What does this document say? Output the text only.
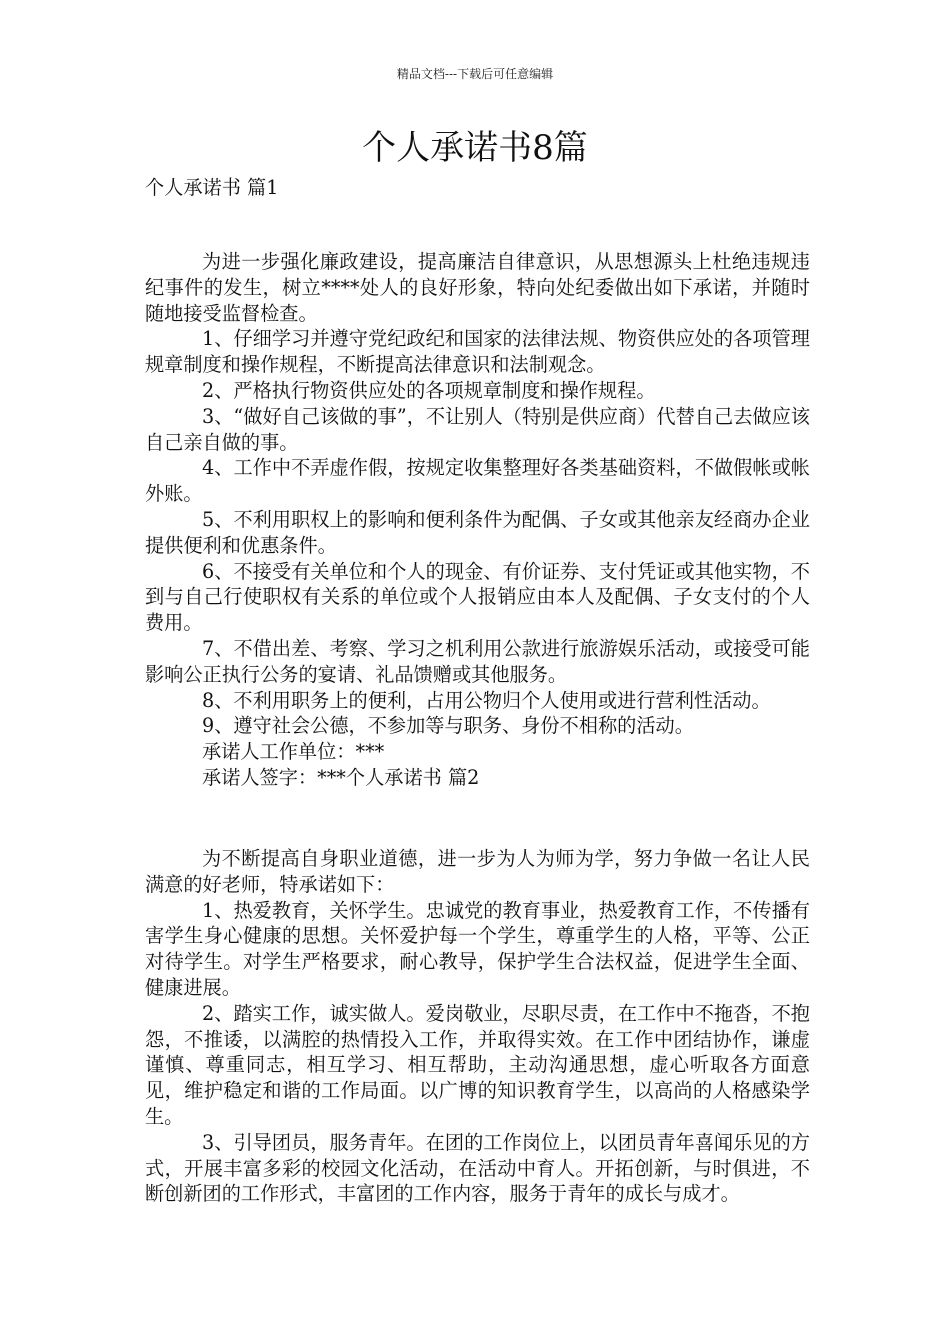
精品文档---下载后可任意编辑
个人承诺书8篇
个人承诺书 篇1

为进一步强化廉政建设，提高廉洁自律意识，从思想源头上杜绝违规违纪事件的发生，树立****处人的良好形象，特向处纪委做出如下承诺，并随时随地接受监督检查。

1、仔细学习并遵守党纪政纪和国家的法律法规、物资供应处的各项管理规章制度和操作规程，不断提高法律意识和法制观念。

2、严格执行物资供应处的各项规章制度和操作规程。

3、“做好自己该做的事”，不让别人（特别是供应商）代替自己去做应该自己亲自做的事。

4、工作中不弄虚作假，按规定收集整理好各类基础资料，不做假帐或帐外账。

5、不利用职权上的影响和便利条件为配偶、子女或其他亲友经商办企业提供便利和优惠条件。

6、不接受有关单位和个人的现金、有价证券、支付凭证或其他实物，不到与自己行使职权有关系的单位或个人报销应由本人及配偶、子女支付的个人费用。

7、不借出差、考察、学习之机利用公款进行旅游娱乐活动，或接受可能影响公正执行公务的宴请、礼品馈赠或其他服务。

8、不利用职务上的便利，占用公物归个人使用或进行营利性活动。

9、遵守社会公德，不参加等与职务、身份不相称的活动。

承诺人工作单位：***

承诺人签字：***个人承诺书 篇2

为不断提高自身职业道德，进一步为人为师为学，努力争做一名让人民满意的好老师，特承诺如下：

1、热爱教育，关怀学生。忠诚党的教育事业，热爱教育工作，不传播有害学生身心健康的思想。关怀爱护每一个学生，尊重学生的人格，平等、公正对待学生。对学生严格要求，耐心教导，保护学生合法权益，促进学生全面、健康进展。

2、踏实工作，诚实做人。爱岗敬业，尽职尽责，在工作中不拖沓，不抱怨，不推诿，以满腔的热情投入工作，并取得实效。在工作中团结协作，谦虚谨慎、尊重同志，相互学习、相互帮助，主动沟通思想，虚心听取各方面意见，维护稳定和谐的工作局面。以广博的知识教育学生，以高尚的人格感染学生。

3、引导团员，服务青年。在团的工作岗位上，以团员青年喜闻乐见的方式，开展丰富多彩的校园文化活动，在活动中育人。开拓创新，与时俱进，不断创新团的工作形式，丰富团的工作内容，服务于青年的成长与成才。
